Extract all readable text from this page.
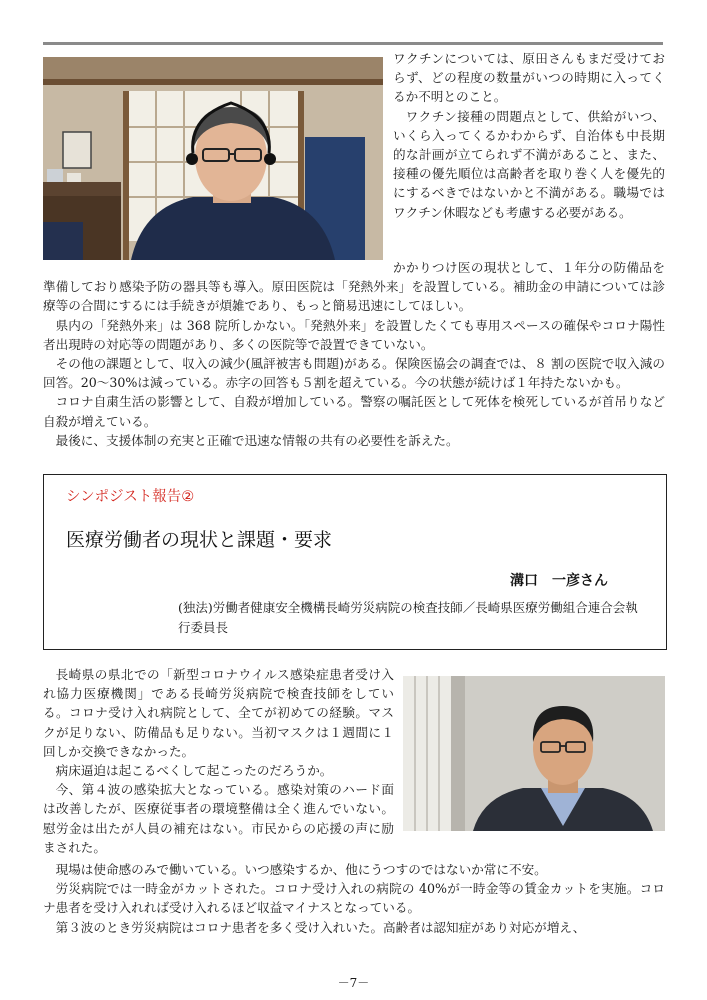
ワクチンについては、原田さんもまだ受けておらず、どの程度の数量がいつの時期に入ってくるか不明とのこと。

ワクチン接種の問題点として、供給がいつ、いくら入ってくるかわからず、自治体も中長期的な計画が立てられず不満があること、また、接種の優先順位は高齢者を取り巻く人を優先的にするべきではないかと不満がある。職場ではワクチン休暇なども考慮する必要がある。

かかりつけ医の現状として、１年分の防備品を準備しており感染予防の器具等も導入。原田医院は「発熱外来」を設置している。補助金の申請については診療等の合間にするには手続きが煩雑であり、もっと簡易迅速にしてほしい。

県内の「発熱外来」は 368 院所しかない。「発熱外来」を設置したくても専用スペースの確保やコロナ陽性者出現時の対応等の問題があり、多くの医院等で設置できていない。

その他の課題として、収入の減少(風評被害も問題)がある。保険医協会の調査では、８ 割の医院で収入減の回答。20～30%は減っている。赤字の回答も５割を超えている。今の状態が続けば１年持たないかも。

コロナ自粛生活の影響として、自殺が増加している。警察の嘱託医として死体を検死しているが首吊りなど自殺が増えている。

最後に、支援体制の充実と正確で迅速な情報の共有の必要性を訴えた。

シンポジスト報告②
医療労働者の現状と課題・要求
溝口　一彦さん
(独法)労働者健康安全機構長崎労災病院の検査技師／長崎県医療労働組合連合会執行委員長

長崎県の県北での「新型コロナウイルス感染症患者受け入れ協力医療機関」である長崎労災病院で検査技師をしている。コロナ受け入れ病院として、全てが初めての経験。マスクが足りない、防備品も足りない。当初マスクは１週間に１回しか交換できなかった。

病床逼迫は起こるべくして起こったのだろうか。

今、第４波の感染拡大となっている。感染対策のハード面は改善したが、医療従事者の環境整備は全く進んでいない。慰労金は出たが人員の補充はない。市民からの応援の声に励まされた。

現場は使命感のみで働いている。いつ感染するか、他にうつすのではないか常に不安。

労災病院では一時金がカットされた。コロナ受け入れの病院の 40%が一時金等の賃金カットを実施。コロナ患者を受け入れれば受け入れるほど収益マイナスとなっている。

第３波のとき労災病院はコロナ患者を多く受け入れいた。高齢者は認知症があり対応が増え、

－7－
